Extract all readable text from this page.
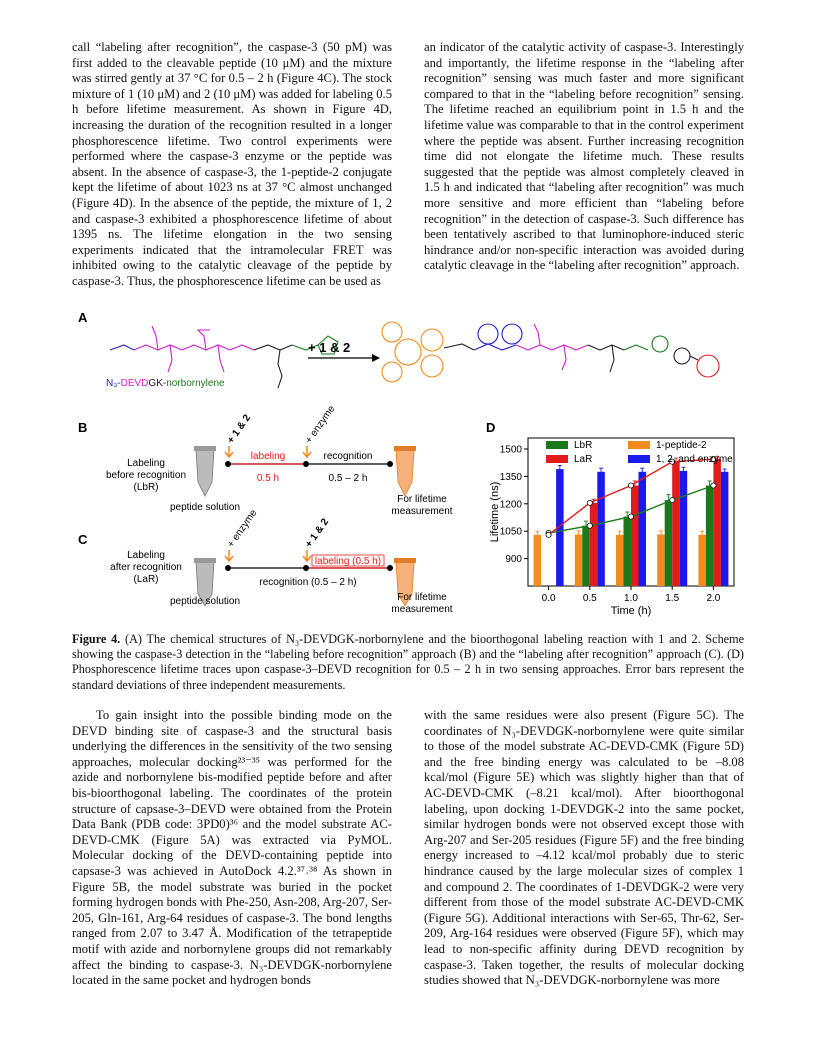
call “labeling after recognition”, the caspase-3 (50 pM) was first added to the cleavable peptide (10 μM) and the mixture was stirred gently at 37 °C for 0.5 – 2 h (Figure 4C). The stock mixture of 1 (10 μM) and 2 (10 μM) was added for labeling 0.5 h before lifetime measurement. As shown in Figure 4D, increasing the duration of the recognition resulted in a longer phosphorescence lifetime. Two control experiments were performed where the caspase-3 enzyme or the peptide was absent. In the absence of caspase-3, the 1-peptide-2 conjugate kept the lifetime of about 1023 ns at 37 °C almost unchanged (Figure 4D). In the absence of the peptide, the mixture of 1, 2 and caspase-3 exhibited a phosphorescence lifetime of about 1395 ns. The lifetime elongation in the two sensing experiments indicated that the intramolecular FRET was inhibited owing to the catalytic cleavage of the peptide by caspase-3. Thus, the phosphorescence lifetime can be used as

an indicator of the catalytic activity of caspase-3. Interestingly and importantly, the lifetime response in the “labeling after recognition” sensing was much faster and more significant compared to that in the “labeling before recognition” sensing. The lifetime reached an equilibrium point in 1.5 h and the lifetime value was comparable to that in the control experiment where the peptide was absent. Further increasing recognition time did not elongate the lifetime much. These results suggested that the peptide was almost completely cleaved in 1.5 h and indicated that “labeling after recognition” was much more sensitive and more efficient than “labeling before recognition” in the detection of caspase-3. Such difference has been tentatively ascribed to that luminophore-induced steric hindrance and/or non-specific interaction was avoided during catalytic cleavage in the “labeling after recognition” approach.

A
N₃-DEVDGK-norbornylene
+ 1 & 2
B
Labeling
before recognition
(LbR)
peptide solution
+ 1 & 2	+ enzyme
labeling	recognition
0.5 h	0.5 – 2 h
For lifetime
measurement
C
Labeling
after recognition
(LaR)
peptide solution
+ enzyme	+ 1 & 2
labeling (0.5 h)
recognition (0.5 – 2 h)
For lifetime
measurement
D
900
1050
1200
1350
1500
0.0	0.5	1.0	1.5	2.0
Time (h)
Lifetime (ns)
LbR	1-peptide-2
LaR	1, 2, and enzyme
Figure 4. (A) The chemical structures of N₃-DEVDGK-norbornylene and the bioorthogonal labeling reaction with 1 and 2. Scheme showing the caspase-3 detection in the “labeling before recognition” approach (B) and the “labeling after recognition” approach (C). (D) Phosphorescence lifetime traces upon caspase-3–DEVD recognition for 0.5 – 2 h in two sensing approaches. Error bars represent the standard deviations of three independent measurements.

To gain insight into the possible binding mode on the DEVD binding site of caspase-3 and the structural basis underlying the differences in the sensitivity of the two sensing approaches, molecular docking²³⁻³⁵ was performed for the azide and norbornylene bis-modified peptide before and after bis-bioorthogonal labeling. The coordinates of the protein structure of capsase-3–DEVD were obtained from the Protein Data Bank (PDB code: 3PD0)³⁶ and the model substrate AC-DEVD-CMK (Figure 5A) was extracted via PyMOL. Molecular docking of the DEVD-containing peptide into capsase-3 was achieved in AutoDock 4.2.³⁷˒³⁸ As shown in Figure 5B, the model substrate was buried in the pocket forming hydrogen bonds with Phe-250, Asn-208, Arg-207, Ser-205, Gln-161, Arg-64 residues of caspase-3. The bond lengths ranged from 2.07 to 3.47 Å. Modification of the tetrapeptide motif with azide and norbornylene groups did not remarkably affect the binding to caspase-3. N₃-DEVDGK-norbornylene located in the same pocket and hydrogen bonds

with the same residues were also present (Figure 5C). The coordinates of N₃-DEVDGK-norbornylene were quite similar to those of the model substrate AC-DEVD-CMK (Figure 5D) and the free binding energy was calculated to be –8.08 kcal/mol (Figure 5E) which was slightly higher than that of AC-DEVD-CMK (–8.21 kcal/mol). After bioorthogonal labeling, upon docking 1-DEVDGK-2 into the same pocket, similar hydrogen bonds were not observed except those with Arg-207 and Ser-205 residues (Figure 5F) and the free binding energy increased to –4.12 kcal/mol probably due to steric hindrance caused by the large molecular sizes of complex 1 and compound 2. The coordinates of 1-DEVDGK-2 were very different from those of the model substrate AC-DEVD-CMK (Figure 5G). Additional interactions with Ser-65, Thr-62, Ser-209, Arg-164 residues were observed (Figure 5F), which may lead to non-specific affinity during DEVD recognition by caspase-3. Taken together, the results of molecular docking studies showed that N₃-DEVDGK-norbornylene was more
